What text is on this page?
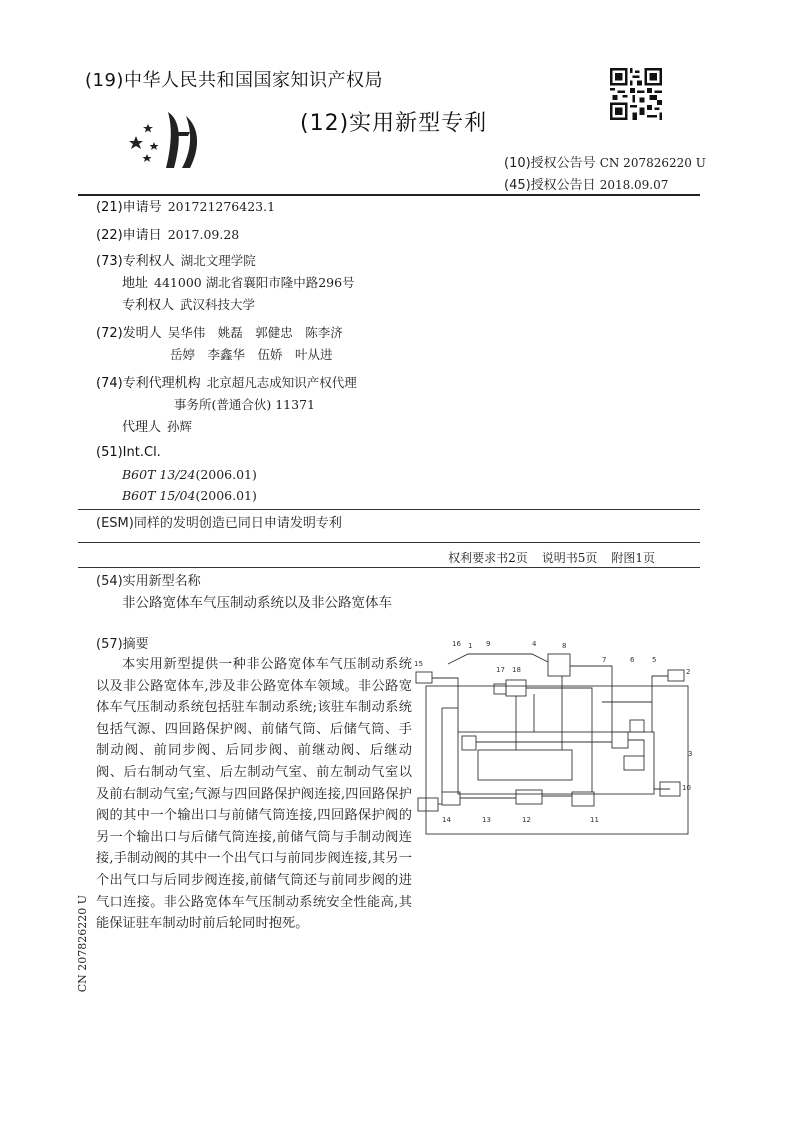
(19)中华人民共和国国家知识产权局
(12)实用新型专利
(10)授权公告号 CN 207826220 U
(45)授权公告日 2018.09.07
(21)申请号 201721276423.1
(22)申请日 2017.09.28
(73)专利权人 湖北文理学院
地址 441000 湖北省襄阳市隆中路296号
专利权人 武汉科技大学
(72)发明人 吴华伟　姚磊　郭健忠　陈李济
岳婷　李鑫华　伍娇　叶从进
(74)专利代理机构 北京超凡志成知识产权代理
事务所(普通合伙) 11371
代理人 孙辉
(51)Int.Cl.
B60T 13/24(2006.01)
B60T 15/04(2006.01)
(ESM)同样的发明创造已同日申请发明专利
权利要求书2页 说明书5页 附图1页
(54)实用新型名称
非公路宽体车气压制动系统以及非公路宽体车
(57)摘要
本实用新型提供一种非公路宽体车气压制动系统以及非公路宽体车,涉及非公路宽体车领域。非公路宽体车气压制动系统包括驻车制动系统;该驻车制动系统包括气源、四回路保护阀、前储气筒、后储气筒、手制动阀、前同步阀、后同步阀、前继动阀、后继动阀、后右制动气室、后左制动气室、前左制动气室以及前右制动气室;气源与四回路保护阀连接,四回路保护阀的其中一个输出口与前储气筒连接,四回路保护阀的另一个输出口与后储气筒连接,前储气筒与手制动阀连接,手制动阀的其中一个出气口与前同步阀连接,其另一个出气口与后同步阀连接,前储气筒还与前同步阀的进气口连接。非公路宽体车气压制动系统安全性能高,其能保证驻车制动时前后轮同时抱死。
CN 207826220 U
1
2
3
4
5
6
7
8
9
10
11
12
13
14
15
16
17 18
